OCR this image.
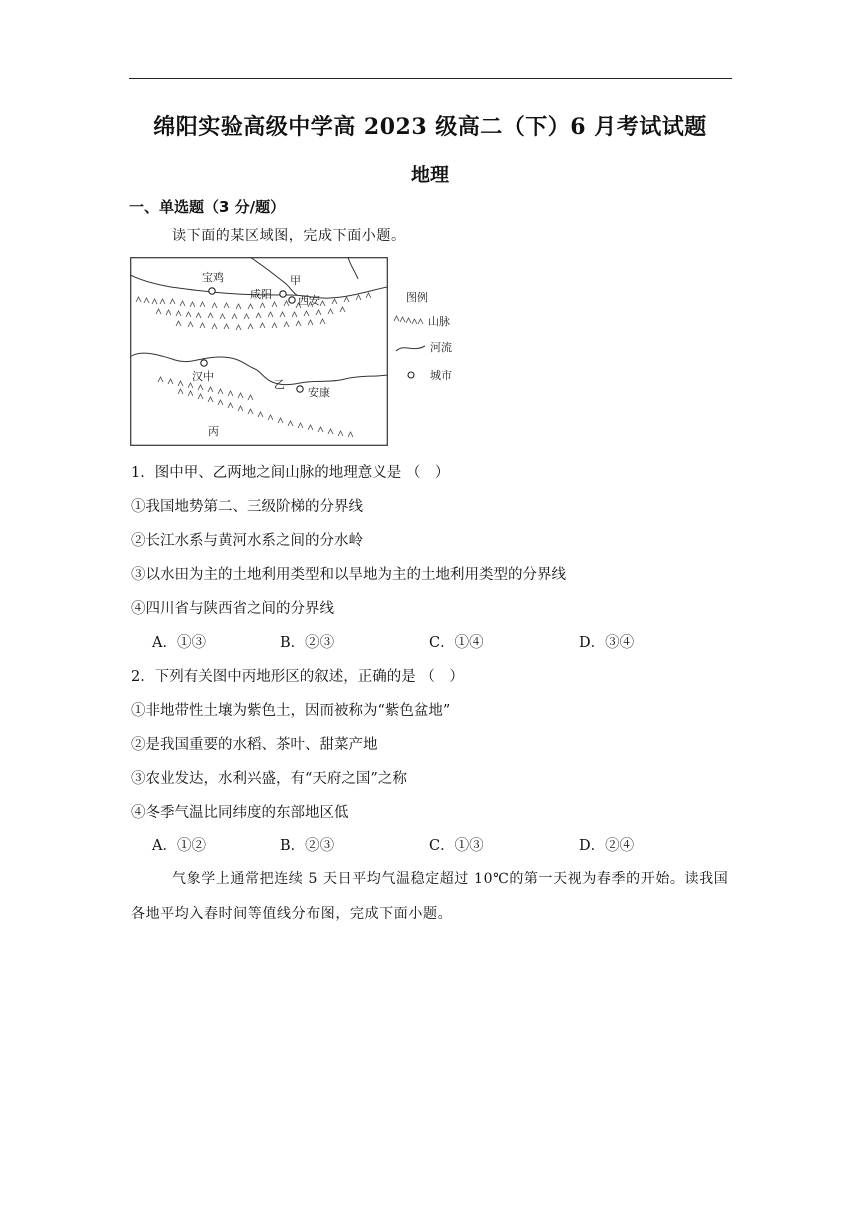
绵阳实验高级中学高 2023 级高二（下）6 月考试试题
地理
一、单选题（3 分/题）
读下面的某区域图，完成下面小题。
宝鸡	甲
咸阳 西安
汉中
乙
安康
丙
图例
山脉
河流
城市
1．图中甲、乙两地之间山脉的地理意义是 （　）
①我国地势第二、三级阶梯的分界线
②长江水系与黄河水系之间的分水岭
③以水田为主的土地利用类型和以旱地为主的土地利用类型的分界线
④四川省与陕西省之间的分界线
A．①③	B．②③	C．①④	D．③④
2．下列有关图中丙地形区的叙述，正确的是 （　）
①非地带性土壤为紫色土，因而被称为“紫色盆地”
②是我国重要的水稻、茶叶、甜菜产地
③农业发达，水利兴盛，有“天府之国”之称
④冬季气温比同纬度的东部地区低
A．①②	B．②③	C．①③	D．②④
气象学上通常把连续 5 天日平均气温稳定超过 10℃的第一天视为春季的开始。读我国
各地平均入春时间等值线分布图，完成下面小题。
